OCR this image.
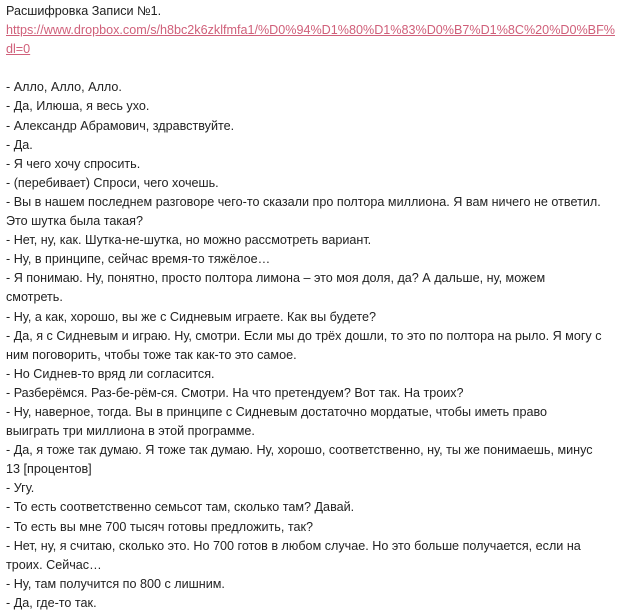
Расшифровка Записи №1.
https://www.dropbox.com/s/h8bc2k6zklfmfa1/%D0%94%D1%80%D1%83%D0%B7%D1%8C%20%D0%BF%
dl=0
- Алло, Алло, Алло.
- Да, Илюша, я весь ухо.
- Александр Абрамович, здравствуйте.
- Да.
- Я чего хочу спросить.
- (перебивает) Спроси, чего хочешь.
- Вы в нашем последнем разговоре чего-то сказали про полтора миллиона. Я вам ничего не ответил.
Это шутка была такая?
- Нет, ну, как. Шутка-не-шутка, но можно рассмотреть вариант.
- Ну, в принципе, сейчас время-то тяжёлое…
- Я понимаю. Ну, понятно, просто полтора лимона – это моя доля, да? А дальше, ну, можем
смотреть.
- Ну, а как, хорошо, вы же с Сидневым играете. Как вы будете?
- Да, я с Сидневым и играю. Ну, смотри. Если мы до трёх дошли, то это по полтора на рыло. Я могу с
ним поговорить, чтобы тоже так как-то это самое.
- Но Сиднев-то вряд ли согласится.
- Разберёмся. Раз-бе-рём-ся. Смотри. На что претендуем? Вот так. На троих?
- Ну, наверное, тогда. Вы в принципе с Сидневым достаточно мордатые, чтобы иметь право
выиграть три миллиона в этой программе.
- Да, я тоже так думаю. Я тоже так думаю. Ну, хорошо, соответственно, ну, ты же понимаешь, минус
13 [процентов]
- Угу.
- То есть соответственно семьсот там, сколько там? Давай.
- То есть вы мне 700 тысяч готовы предложить, так?
- Нет, ну, я считаю, сколько это. Но 700 готов в любом случае. Но это больше получается, если на
троих. Сейчас…
- Ну, там получится по 800 с лишним.
- Да, где-то так.
